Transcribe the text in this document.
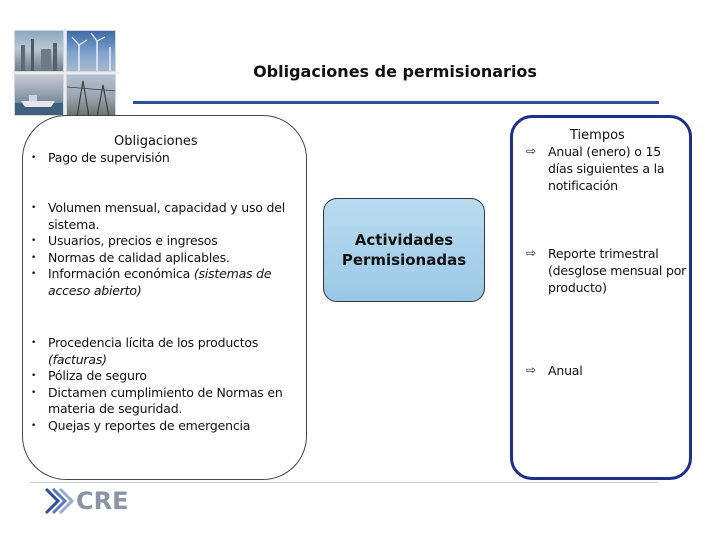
Obligaciones de permisionarios
Obligaciones
• Pago de supervisión
• Volumen mensual, capacidad y uso del sistema.
• Usuarios, precios e ingresos
• Normas de calidad aplicables.
• Información económica (sistemas de acceso abierto)
• Procedencia lícita de los productos (facturas)
• Póliza de seguro
• Dictamen cumplimiento de Normas en materia de seguridad.
• Quejas y reportes de emergencia
Actividades Permisionadas
Tiempos
⇨ Anual (enero) o 15 días siguientes a la notificación
⇨ Reporte trimestral (desglose mensual por producto)
⇨ Anual
CRE
